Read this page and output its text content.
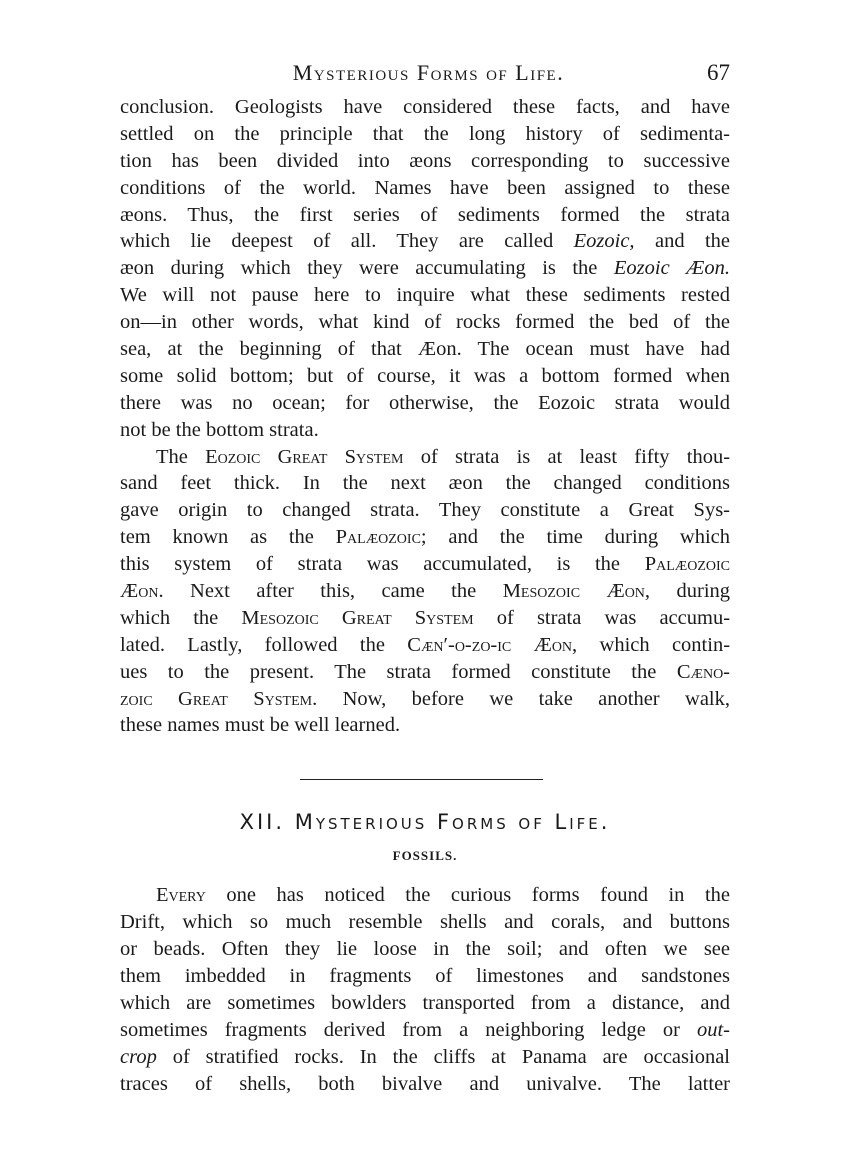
Mysterious Forms of Life.	67
conclusion. Geologists have considered these facts, and have
settled on the principle that the long history of sedimenta-
tion has been divided into æons corresponding to successive
conditions of the world. Names have been assigned to these
æons. Thus, the first series of sediments formed the strata
which lie deepest of all. They are called Eozoic, and the
æon during which they were accumulating is the Eozoic Æon.
We will not pause here to inquire what these sediments rested
on—in other words, what kind of rocks formed the bed of the
sea, at the beginning of that Æon. The ocean must have had
some solid bottom; but of course, it was a bottom formed when
there was no ocean; for otherwise, the Eozoic strata would
not be the bottom strata.
The Eozoic Great System of strata is at least fifty thou-
sand feet thick. In the next æon the changed conditions
gave origin to changed strata. They constitute a Great Sys-
tem known as the Palæozoic; and the time during which
this system of strata was accumulated, is the Palæozoic
Æon. Next after this, came the Mesozoic Æon, during
which the Mesozoic Great System of strata was accumu-
lated. Lastly, followed the Cæn′-o-zo-ic Æon, which contin-
ues to the present. The strata formed constitute the Cæno-
zoic Great System. Now, before we take another walk,
these names must be well learned.
XII. Mysterious Forms of Life.
FOSSILS.
Every one has noticed the curious forms found in the
Drift, which so much resemble shells and corals, and buttons
or beads. Often they lie loose in the soil; and often we see
them imbedded in fragments of limestones and sandstones
which are sometimes bowlders transported from a distance, and
sometimes fragments derived from a neighboring ledge or out-
crop of stratified rocks. In the cliffs at Panama are occasional
traces of shells, both bivalve and univalve. The latter
